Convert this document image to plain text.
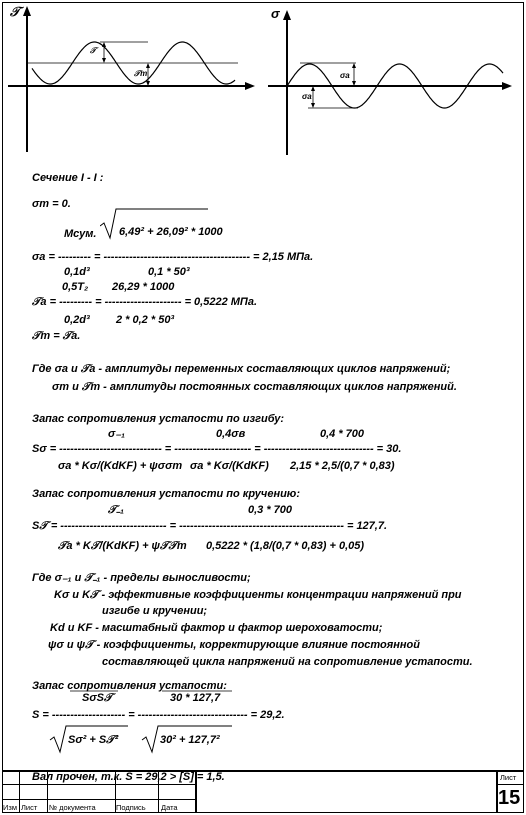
𝒯
𝒯
𝒯m
σ
σa
σa
Сечение I - I :
σm = 0.
Mсум. 6,49² + 26,09² * 1000
σa = --------- = ---------------------------------------- = 2,15 МПа.
0,1d³	0,1 * 50³
0,5T₂ 26,29 * 1000
𝒯a = --------- = --------------------- = 0,5222 МПа.
0,2d³ 2 * 0,2 * 50³
𝒯m = 𝒯a.
Где σa и 𝒯a - амплитуды переменных составляющих циклов напряжений;
σm и 𝒯m - амплитуды постоянных составляющих циклов напряжений.
Запас сопротивления устапости по изгибу:
σ₋₁	0,4σв	0,4 * 700
Sσ = ---------------------------- = --------------------- = ------------------------------ = 30.
σa * Kσ/(KdKF) + ψσσm σa * Kσ/(KdKF) 2,15 * 2,5/(0,7 * 0,83)
Запас сопротивления устапости по кручению:
𝒯₋₁	0,3 * 700
S𝒯 = ----------------------------- = --------------------------------------------- = 127,7.
𝒯a * K𝒯/(KdKF) + ψ𝒯𝒯m 0,5222 * (1,8/(0,7 * 0,83) + 0,05)
Где σ₋₁ и 𝒯₋₁ - пределы выносливости;
Kσ и K𝒯 - эффективные коэффициенты концентрации напряжений при
изгибе и кручении;
Kd и KF - масштабный фактор и фактор шероховатости;
ψσ и ψ𝒯 - коэффициенты, корректирующие влияние постоянной
составляющей цикла напряжений на сопротивление устапости.
Запас сопротивления устапости:
SσS𝒯	30 * 127,7
S = -------------------- = ------------------------------ = 29,2.
Sσ² + S𝒯²	30² + 127,7²
Вал прочен, т.к. S = 29,2 > [S] = 1,5.
Изм Лист № документа	Подпись Дата
Лист
15
